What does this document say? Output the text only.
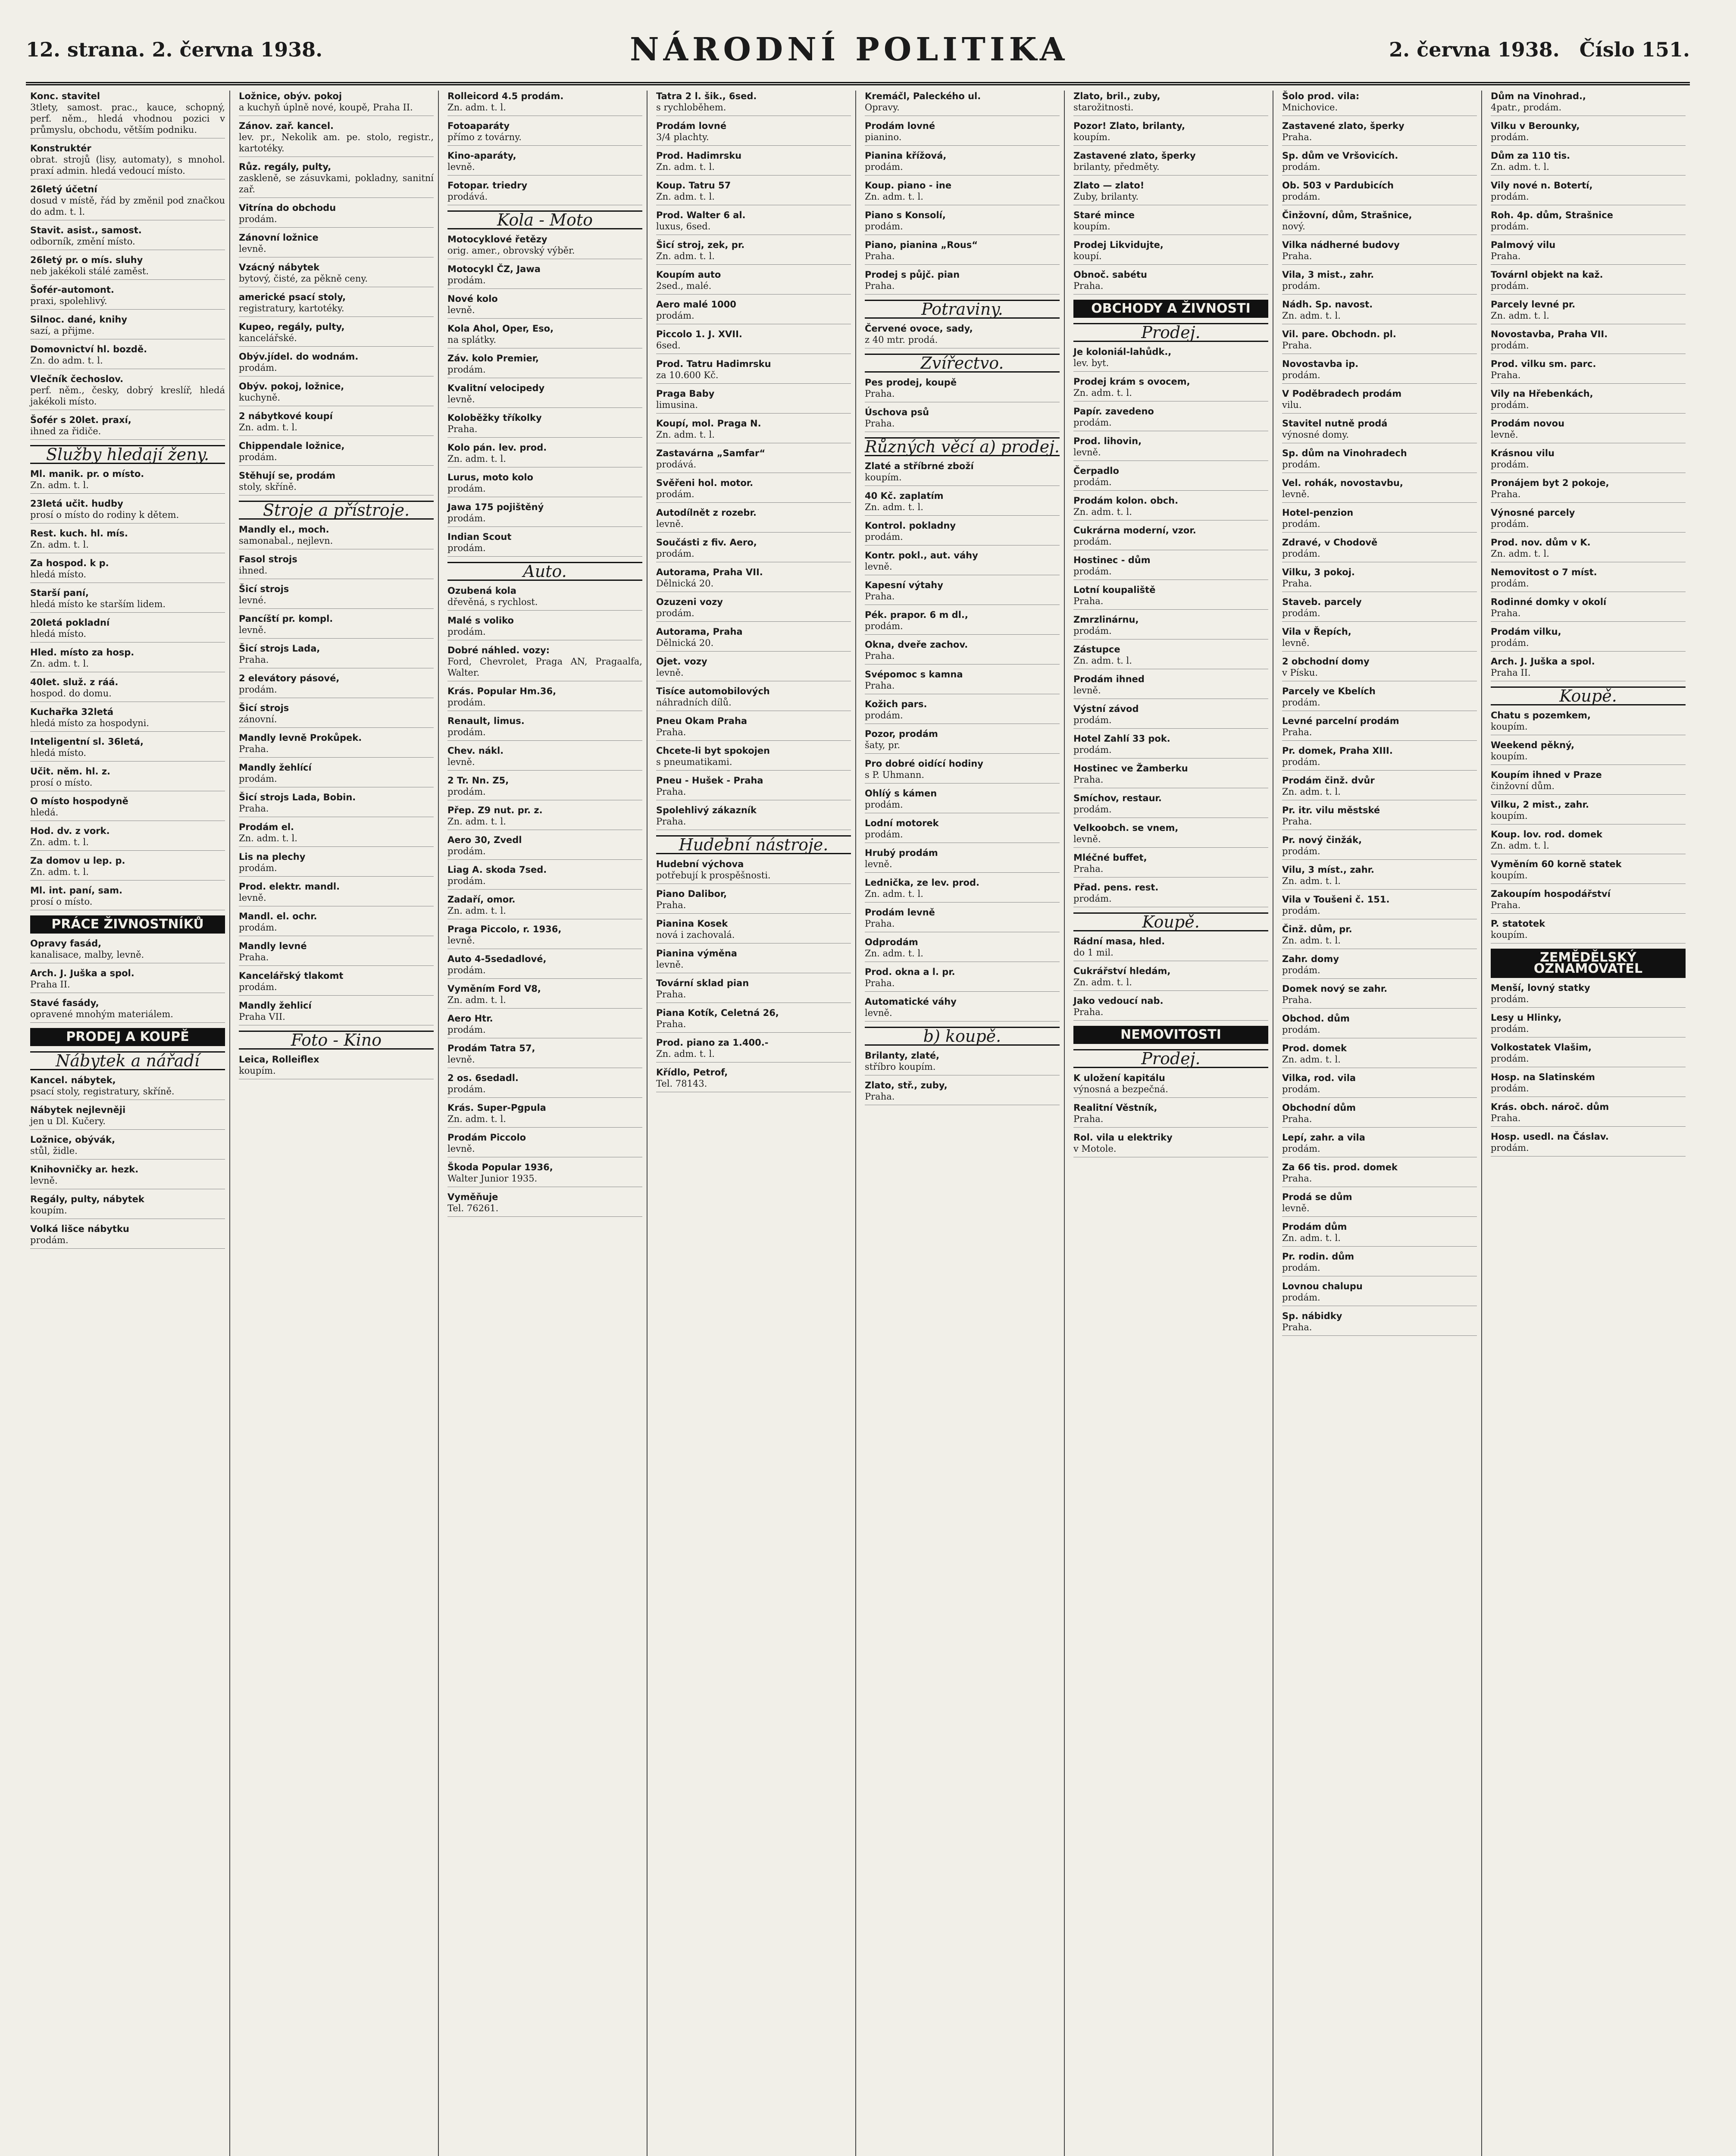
12. strana. 2. června 1938.	NÁRODNÍ POLITIKA	2. června 1938. Číslo 151.
Konc. stavitel
3tlety, samost. prac., kauce, schopný, perf. něm., hledá vhodnou pozici v průmyslu, obchodu, větším podniku.
Konstruktér
obrat. strojů (lisy, automaty), s mnohol. praxí admin. hledá vedoucí místo.
26letý účetní
dosud v místě, řád by změnil pod značkou do adm. t. l.
Stavit. asist., samost.
odborník, změní místo.
26letý pr. o mís. sluhy
neb jakékoli stálé zaměst.
Šofér-automont.
praxi, spolehlivý.
Silnoc. dané, knihy
sazí, a přijme.
Domovnictví hl. bozdě.
Zn. do adm. t. l.
Vlečník čechoslov.
perf. něm., česky, dobrý kreslíř, hledá jakékoli místo.
Šofér s 20let. praxí,
ihned za řidiče.
Služby hledají ženy.
Ml. manik. pr. o místo.
Zn. adm. t. l.
23letá učit. hudby
prosí o místo do rodiny k dětem.
Rest. kuch. hl. mís.
Zn. adm. t. l.
Za hospod. k p.
hledá místo.
Starší paní,
hledá místo ke starším lidem.
20letá pokladní
hledá místo.
Hled. místo za hosp.
Zn. adm. t. l.
40let. služ. z ráá.
hospod. do domu.
Kuchařka 32letá
hledá místo za hospodyni.
Inteligentní sl. 36letá,
hledá místo.
Učit. něm. hl. z.
prosí o místo.
O místo hospodyně
hledá.
Hod. dv. z vork.
Zn. adm. t. l.
Za domov u lep. p.
Zn. adm. t. l.
Ml. int. paní, sam.
prosí o místo.
PRÁCE ŽIVNOSTNÍKŮ
Opravy fasád,
kanalisace, malby, levně.
Arch. J. Juška a spol.
Praha II.
Stavé fasády,
opravené mnohým materiálem.
PRODEJ A KOUPĚ
Nábytek a nářadí
Kancel. nábytek,
psací stoly, registratury, skříně.
Nábytek nejlevněji
jen u Dl. Kučery.
Ložnice, obývák,
stůl, židle.
Knihovničky ar. hezk.
levně.
Regály, pulty, nábytek
koupím.
Volká lišce nábytku
prodám.
Ložnice, obýv. pokoj
a kuchyň úplně nové, koupě, Praha II.
Zánov. zař. kancel.
lev. pr., Nekolik am. pe. stolo, registr., kartotéky.
Růz. regály, pulty,
zaskleně, se zásuvkami, pokladny, sanitní zař.
Vitrína do obchodu
prodám.
Zánovní ložnice
levně.
Vzácný nábytek
bytový, čisté, za pěkně ceny.
americké psací stoly,
registratury, kartotéky.
Kupeo, regály, pulty,
kancelářské.
Obýv.jídel. do wodnám.
prodám.
Obýv. pokoj, ložnice,
kuchyně.
2 nábytkové koupí
Zn. adm. t. l.
Chippendale ložnice,
prodám.
Stěhují se, prodám
stoly, skříně.
Stroje a přístroje.
Mandly el., moch.
samonabal., nejlevn.
Fasol strojs
ihned.
Šicí strojs
levné.
Pancíští pr. kompl.
levně.
Šicí strojs Lada,
Praha.
2 elevátory pásové,
prodám.
Šicí strojs
zánovní.
Mandly levně Prokůpek.
Praha.
Mandly žehlící
prodám.
Šicí strojs Lada, Bobin.
Praha.
Prodám el.
Zn. adm. t. l.
Lis na plechy
prodám.
Prod. elektr. mandl.
levně.
Mandl. el. ochr.
prodám.
Mandly levné
Praha.
Kancelářský tlakomt
prodám.
Mandly žehlicí
Praha VII.
Foto - Kino
Leica, Rolleiflex
koupím.
Rolleicord 4.5 prodám.
Zn. adm. t. l.
Fotoaparáty
přímo z továrny.
Kino-aparáty,
levně.
Fotopar. triedry
prodává.
Kola - Moto
Motocyklové řetězy
orig. amer., obrovský výběr.
Motocykl ČZ, Jawa
prodám.
Nové kolo
levně.
Kola Ahol, Oper, Eso,
na splátky.
Záv. kolo Premier,
prodám.
Kvalitní velocipedy
levně.
Koloběžky tříkolky
Praha.
Kolo pán. lev. prod.
Zn. adm. t. l.
Lurus, moto kolo
prodám.
Jawa 175 pojištěný
prodám.
Indian Scout
prodám.
Auto.
Ozubená kola
dřevěná, s rychlost.
Malé s voliko
prodám.
Dobré náhled. vozy:
Ford, Chevrolet, Praga AN, Pragaalfa, Walter.
Krás. Popular Hm.36,
prodám.
Renault, limus.
prodám.
Chev. nákl.
levně.
2 Tr. Nn. Z5,
prodám.
Přep. Z9 nut. pr. z.
Zn. adm. t. l.
Aero 30, Zvedl
prodám.
Liag A. skoda 7sed.
prodám.
Zadaří, omor.
Zn. adm. t. l.
Praga Piccolo, r. 1936,
levně.
Auto 4-5sedadlové,
prodám.
Vyměním Ford V8,
Zn. adm. t. l.
Aero Htr.
prodám.
Prodám Tatra 57,
levně.
2 os. 6sedadl.
prodám.
Krás. Super-Pgpula
Zn. adm. t. l.
Prodám Piccolo
levně.
Škoda Popular 1936,
Walter Junior 1935.
Vyměňuje
Tel. 76261.
Tatra 2 l. šik., 6sed.
s rychloběhem.
Prodám lovné
3/4 plachty.
Prod. Hadimrsku
Zn. adm. t. l.
Koup. Tatru 57
Zn. adm. t. l.
Prod. Walter 6 al.
luxus, 6sed.
Šicí stroj, zek, pr.
Zn. adm. t. l.
Koupím auto
2sed., malé.
Aero malé 1000
prodám.
Piccolo 1. J. XVII.
6sed.
Prod. Tatru Hadimrsku
za 10.600 Kč.
Praga Baby
limusina.
Koupí, mol. Praga N.
Zn. adm. t. l.
Zastavárna „Samfar“
prodává.
Svěřeni hol. motor.
prodám.
Autodílnět z rozebr.
levně.
Součásti z fiv. Aero,
prodám.
Autorama, Praha VII.
Dělnická 20.
Ozuzeni vozy
prodám.
Autorama, Praha
Dělnická 20.
Ojet. vozy
levně.
Tisíce automobilových
náhradních dílů.
Pneu Okam Praha
Praha.
Chcete-li byt spokojen
s pneumatikami.
Pneu - Hušek - Praha
Praha.
Spolehlivý zákazník
Praha.
Hudební nástroje.
Hudební výchova
potřebují k prospěšnosti.
Piano Dalibor,
Praha.
Pianina Kosek
nová i zachovalá.
Pianina výměna
levně.
Tovární sklad pian
Praha.
Piana Kotík, Celetná 26,
Praha.
Prod. piano za 1.400.-
Zn. adm. t. l.
Křídlo, Petrof,
Tel. 78143.
Kremáčl, Paleckého ul.
Opravy.
Prodám lovné
pianino.
Pianina křížová,
prodám.
Koup. piano - ine
Zn. adm. t. l.
Piano s Konsolí,
prodám.
Piano, pianina „Rous“
Praha.
Prodej s půjč. pian
Praha.
Potraviny.
Červené ovoce, sady,
z 40 mtr. prodá.
Zvířectvo.
Pes prodej, koupě
Praha.
Úschova psů
Praha.
Různých věcí a) prodej.
Zlaté a stříbrné zboží
koupím.
40 Kč. zaplatím
Zn. adm. t. l.
Kontrol. pokladny
prodám.
Kontr. pokl., aut. váhy
levně.
Kapesní výtahy
Praha.
Pék. prapor. 6 m dl.,
prodám.
Okna, dveře zachov.
Praha.
Svépomoc s kamna
Praha.
Kožich pars.
prodám.
Pozor, prodám
šaty, pr.
Pro dobré oidící hodiny
s P. Uhmann.
Ohlíý s kámen
prodám.
Lodní motorek
prodám.
Hrubý prodám
levně.
Lednička, ze lev. prod.
Zn. adm. t. l.
Prodám levně
Praha.
Odprodám
Zn. adm. t. l.
Prod. okna a l. pr.
Praha.
Automatické váhy
levně.
b) koupě.
Brilanty, zlaté,
stříbro koupím.
Zlato, stř., zuby,
Praha.
Zlato, bril., zuby,
starožitnosti.
Pozor! Zlato, brilanty,
koupím.
Zastavené zlato, šperky
brilanty, předměty.
Zlato — zlato!
Zuby, brilanty.
Staré mince
koupím.
Prodej Likvidujte,
koupí.
Obnoč. sabétu
Praha.
OBCHODY A ŽIVNOSTI
Prodej.
Je koloniál-lahůdk.,
lev. byt.
Prodej krám s ovocem,
Zn. adm. t. l.
Papír. zavedeno
prodám.
Prod. lihovin,
levně.
Čerpadlo
prodám.
Prodám kolon. obch.
Zn. adm. t. l.
Cukrárna moderní, vzor.
prodám.
Hostinec - dům
prodám.
Lotní koupaliště
Praha.
Zmrzlinárnu,
prodám.
Zástupce
Zn. adm. t. l.
Prodám ihned
levně.
Výstní závod
prodám.
Hotel Zahlí 33 pok.
prodám.
Hostinec ve Žamberku
Praha.
Smíchov, restaur.
prodám.
Velkoobch. se vnem,
levně.
Mléčné buffet,
Praha.
Přad. pens. rest.
prodám.
Koupě.
Rádní masa, hled.
do 1 mil.
Cukrářství hledám,
Zn. adm. t. l.
Jako vedoucí nab.
Praha.
NEMOVITOSTI
Prodej.
K uložení kapitálu
výnosná a bezpečná.
Realitní Věstník,
Praha.
Rol. vila u elektriky
v Motole.
Šolo prod. vila:
Mnichovice.
Zastavené zlato, šperky
Praha.
Sp. dům ve Vršovicích.
prodám.
Ob. 503 v Pardubicích
prodám.
Činžovní, dům, Strašnice,
nový.
Vilka nádherné budovy
Praha.
Vila, 3 mist., zahr.
prodám.
Nádh. Sp. navost.
Zn. adm. t. l.
Vil. pare. Obchodn. pl.
Praha.
Novostavba ip.
prodám.
V Poděbradech prodám
vilu.
Stavitel nutně prodá
výnosné domy.
Sp. dům na Vinohradech
prodám.
Vel. rohák, novostavbu,
levně.
Hotel-penzion
prodám.
Zdravé, v Chodově
prodám.
Vilku, 3 pokoj.
Praha.
Staveb. parcely
prodám.
Vila v Řepích,
levně.
2 obchodní domy
v Písku.
Parcely ve Kbelích
prodám.
Levné parcelní prodám
Praha.
Pr. domek, Praha XIII.
prodám.
Prodám činž. dvůr
Zn. adm. t. l.
Pr. itr. vilu městské
Praha.
Pr. nový činžák,
prodám.
Vilu, 3 míst., zahr.
Zn. adm. t. l.
Vila v Toušeni č. 151.
prodám.
Činž. dům, pr.
Zn. adm. t. l.
Zahr. domy
prodám.
Domek nový se zahr.
Praha.
Obchod. dům
prodám.
Prod. domek
Zn. adm. t. l.
Vilka, rod. vila
prodám.
Obchodní dům
Praha.
Lepí, zahr. a vila
prodám.
Za 66 tis. prod. domek
Praha.
Prodá se dům
levně.
Prodám dům
Zn. adm. t. l.
Pr. rodin. dům
prodám.
Lovnou chalupu
prodám.
Sp. nábidky
Praha.
Dům na Vinohrad.,
4patr., prodám.
Vilku v Berounky,
prodám.
Dům za 110 tis.
Zn. adm. t. l.
Vily nové n. Botertí,
prodám.
Roh. 4p. dům, Strašnice
prodám.
Palmový vilu
Praha.
Továrnl objekt na kaž.
prodám.
Parcely levné pr.
Zn. adm. t. l.
Novostavba, Praha VII.
prodám.
Prod. vilku sm. parc.
Praha.
Vily na Hřebenkách,
prodám.
Prodám novou
levně.
Krásnou vilu
prodám.
Pronájem byt 2 pokoje,
Praha.
Výnosné parcely
prodám.
Prod. nov. dům v K.
Zn. adm. t. l.
Nemovitost o 7 míst.
prodám.
Rodinné domky v okolí
Praha.
Prodám vilku,
prodám.
Arch. J. Juška a spol.
Praha II.
Koupě.
Chatu s pozemkem,
koupím.
Weekend pěkný,
koupím.
Koupím ihned v Praze
činžovní dům.
Vilku, 2 mist., zahr.
koupím.
Koup. lov. rod. domek
Zn. adm. t. l.
Vyměním 60 korně statek
koupím.
Zakoupím hospodářství
Praha.
P. statotek
koupím.
ZEMĚDĚLSKÝ OZNAMOVATEL
Menší, lovný statky
prodám.
Lesy u Hlinky,
prodám.
Volkostatek Vlašim,
prodám.
Hosp. na Slatinském
prodám.
Krás. obch. nároč. dům
Praha.
Hosp. usedl. na Čáslav.
prodám.
